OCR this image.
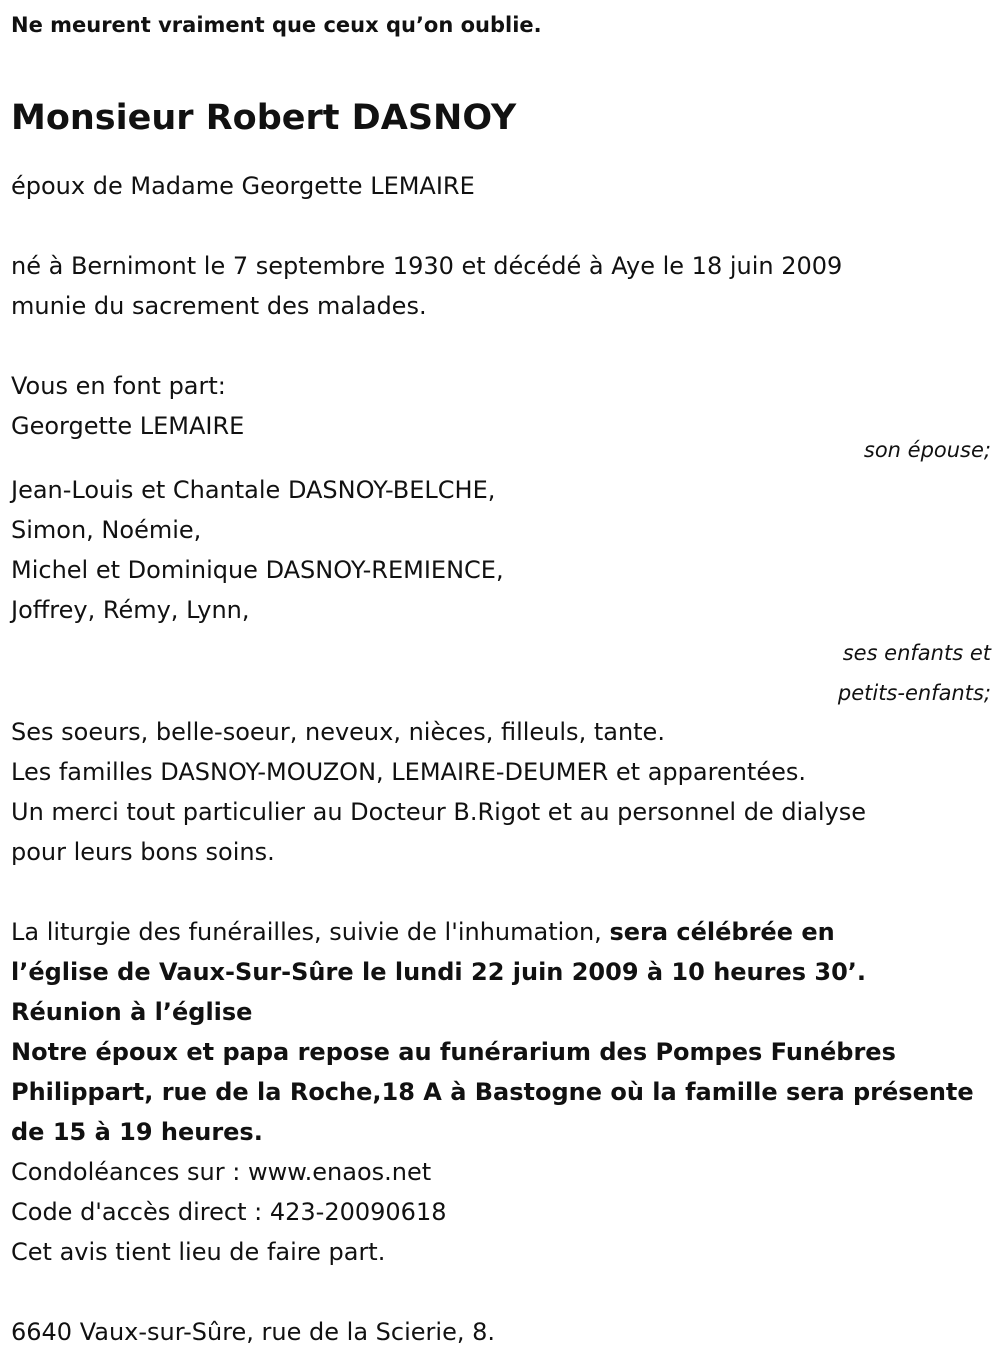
Ne meurent vraiment que ceux qu’on oublie.
Monsieur Robert DASNOY
époux de Madame Georgette LEMAIRE
né à Bernimont le 7 septembre 1930 et décédé à Aye le 18 juin 2009
munie du sacrement des malades.
Vous en font part:
Georgette LEMAIRE
son épouse;
Jean-Louis et Chantale DASNOY-BELCHE,
Simon, Noémie,
Michel et Dominique DASNOY-REMIENCE,
Joffrey, Rémy, Lynn,
ses enfants et
petits-enfants;
Ses soeurs, belle-soeur, neveux, nièces, filleuls, tante.
Les familles DASNOY-MOUZON, LEMAIRE-DEUMER et apparentées.
Un merci tout particulier au Docteur B.Rigot et au personnel de dialyse
pour leurs bons soins.
La liturgie des funérailles, suivie de l'inhumation, sera célébrée en
l’église de Vaux-Sur-Sûre le lundi 22 juin 2009 à 10 heures 30’.
Réunion à l’église
Notre époux et papa repose au funérarium des Pompes Funébres
Philippart, rue de la Roche,18 A à Bastogne où la famille sera présente
de 15 à 19 heures.
Condoléances sur : www.enaos.net
Code d'accès direct : 423-20090618
Cet avis tient lieu de faire part.
6640 Vaux-sur-Sûre, rue de la Scierie, 8.
